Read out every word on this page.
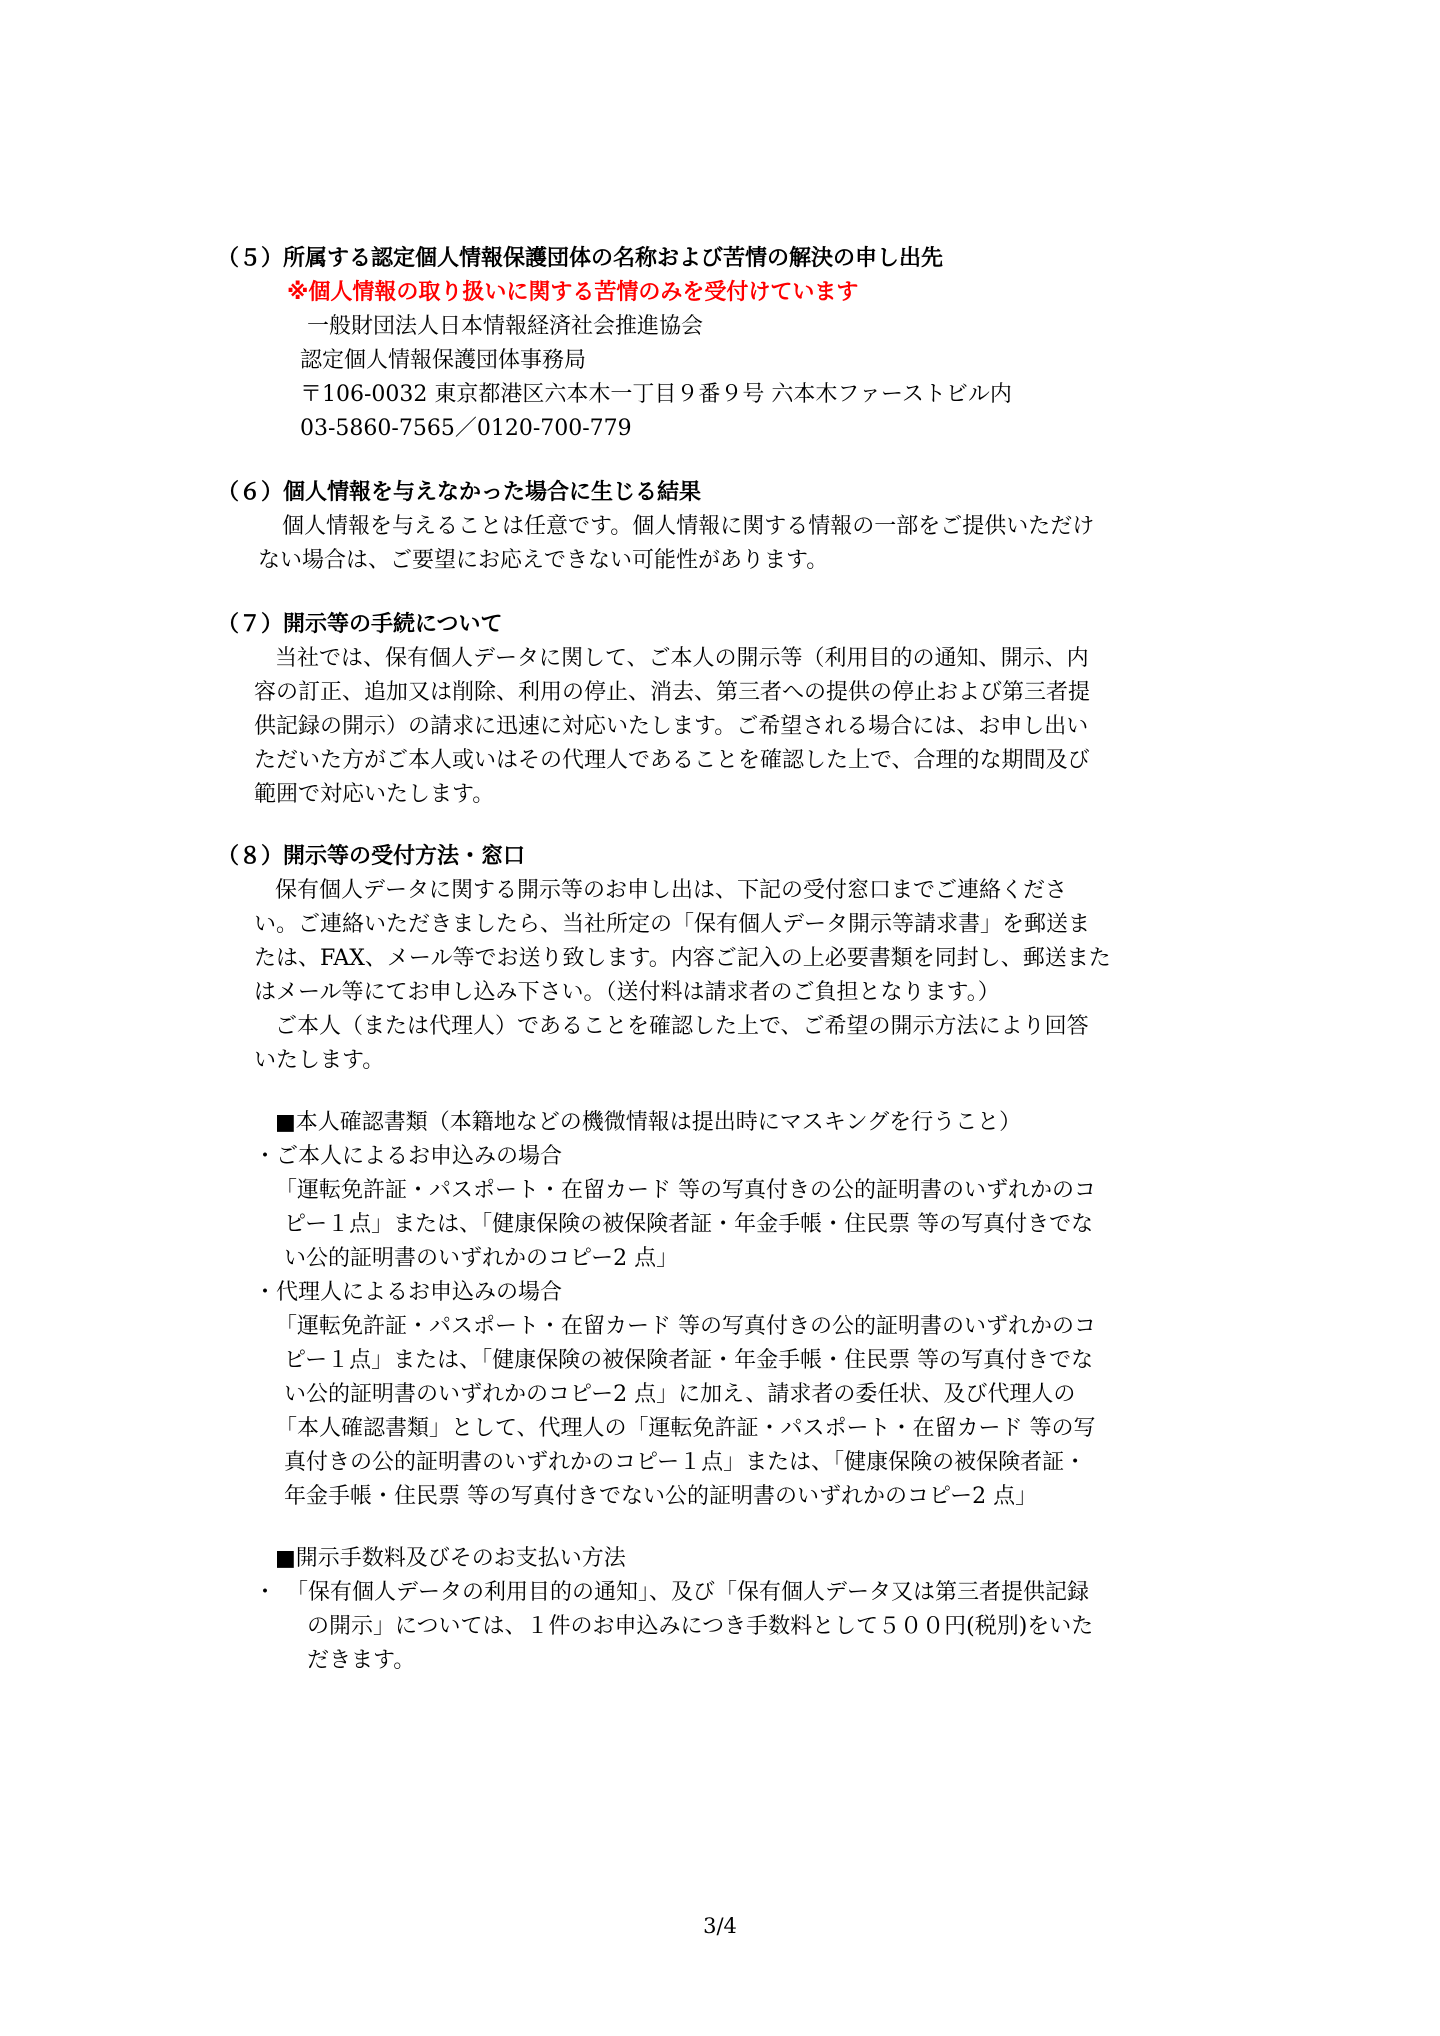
（５）所属する認定個人情報保護団体の名称および苦情の解決の申し出先
※個人情報の取り扱いに関する苦情のみを受付けています
一般財団法人日本情報経済社会推進協会
認定個人情報保護団体事務局
〒106-0032 東京都港区六本木一丁目９番９号 六本木ファーストビル内
03-5860-7565／0120-700-779
（６）個人情報を与えなかった場合に生じる結果
個人情報を与えることは任意です。個人情報に関する情報の一部をご提供いただけ
ない場合は、ご要望にお応えできない可能性があります。
（７）開示等の手続について
当社では、保有個人データに関して、ご本人の開示等（利用目的の通知、開示、内
容の訂正、追加又は削除、利用の停止、消去、第三者への提供の停止および第三者提
供記録の開示）の請求に迅速に対応いたします。ご希望される場合には、お申し出い
ただいた方がご本人或いはその代理人であることを確認した上で、合理的な期間及び
範囲で対応いたします。
（８）開示等の受付方法・窓口
保有個人データに関する開示等のお申し出は、下記の受付窓口までご連絡くださ
い。ご連絡いただきましたら、当社所定の「保有個人データ開示等請求書」を郵送ま
たは、FAX、メール等でお送り致します。内容ご記入の上必要書類を同封し、郵送また
はメール等にてお申し込み下さい。（送付料は請求者のご負担となります。）
ご本人（または代理人）であることを確認した上で、ご希望の開示方法により回答
いたします。
■本人確認書類（本籍地などの機微情報は提出時にマスキングを行うこと）
・ご本人によるお申込みの場合
「運転免許証・パスポート・在留カード 等の写真付きの公的証明書のいずれかのコ
ピー１点」または、「健康保険の被保険者証・年金手帳・住民票 等の写真付きでな
い公的証明書のいずれかのコピー2 点」
・代理人によるお申込みの場合
「運転免許証・パスポート・在留カード 等の写真付きの公的証明書のいずれかのコ
ピー１点」または、「健康保険の被保険者証・年金手帳・住民票 等の写真付きでな
い公的証明書のいずれかのコピー2 点」に加え、請求者の委任状、及び代理人の
「本人確認書類」として、代理人の「運転免許証・パスポート・在留カード 等の写
真付きの公的証明書のいずれかのコピー１点」または、「健康保険の被保険者証・
年金手帳・住民票 等の写真付きでない公的証明書のいずれかのコピー2 点」
■開示手数料及びそのお支払い方法
・ 「保有個人データの利用目的の通知」、及び「保有個人データ又は第三者提供記録
の開示」については、１件のお申込みにつき手数料として５００円(税別)をいた
だきます。
3/4
